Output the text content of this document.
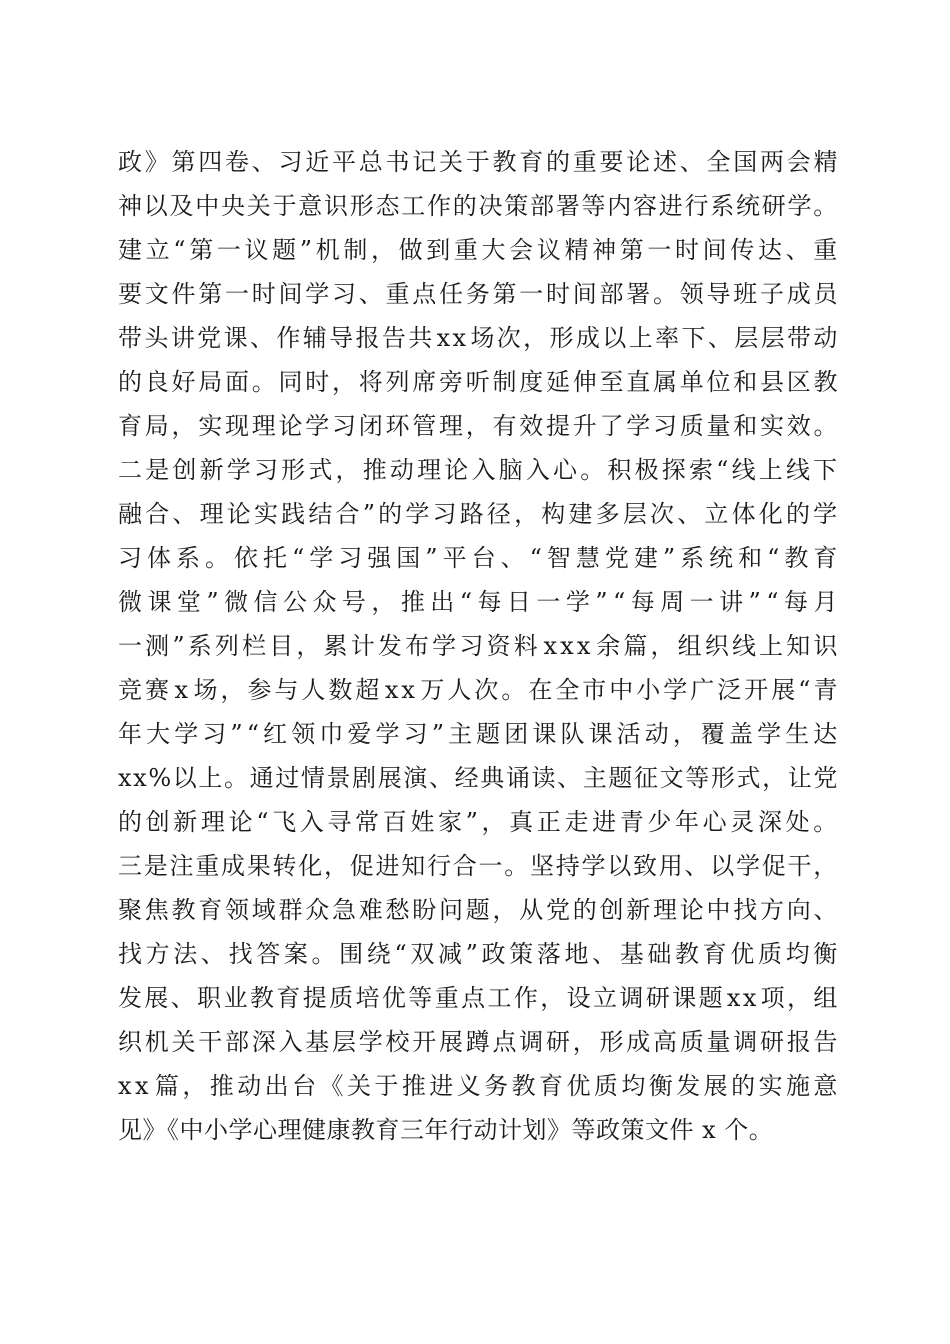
政 》 第 四 卷 、 习 近 平 总 书 记 关 于 教 育 的 重 要 论 述 、 全 国 两 会 精
神 以 及 中 央 关 于 意 识 形 态 工 作 的 决 策 部 署 等 内 容 进 行 系 统 研 学 。
建 立 “ 第 一 议 题 ” 机 制 ， 做 到 重 大 会 议 精 神 第 一 时 间 传 达 、 重
要 文 件 第 一 时 间 学 习 、 重 点 任 务 第 一 时 间 部 署 。 领 导 班 子 成 员
带 头 讲 党 课 、 作 辅 导 报 告 共 x x 场 次 ， 形 成 以 上 率 下 、 层 层 带 动
的 良 好 局 面 。 同 时 ， 将 列 席 旁 听 制 度 延 伸 至 直 属 单 位 和 县 区 教
育 局 ， 实 现 理 论 学 习 闭 环 管 理 ， 有 效 提 升 了 学 习 质 量 和 实 效 。
二 是 创 新 学 习 形 式 ， 推 动 理 论 入 脑 入 心 。 积 极 探 索 “ 线 上 线 下
融 合 、 理 论 实 践 结 合 ” 的 学 习 路 径 ， 构 建 多 层 次 、 立 体 化 的 学
习 体 系 。 依 托 “ 学 习 强 国 ” 平 台 、 “ 智 慧 党 建 ” 系 统 和 “ 教 育
微 课 堂 ” 微 信 公 众 号 ， 推 出 “ 每 日 一 学 ” “ 每 周 一 讲 ” “ 每 月
一 测 ” 系 列 栏 目 ， 累 计 发 布 学 习 资 料 x x x 余 篇 ， 组 织 线 上 知 识
竞 赛 x 场 ， 参 与 人 数 超 x x 万 人 次 。 在 全 市 中 小 学 广 泛 开 展 “ 青
年 大 学 习 ” “ 红 领 巾 爱 学 习 ” 主 题 团 课 队 课 活 动 ， 覆 盖 学 生 达
x x % 以 上 。 通 过 情 景 剧 展 演 、 经 典 诵 读 、 主 题 征 文 等 形 式 ， 让 党
的 创 新 理 论 “ 飞 入 寻 常 百 姓 家 ” ， 真 正 走 进 青 少 年 心 灵 深 处 。
三 是 注 重 成 果 转 化 ， 促 进 知 行 合 一 。 坚 持 学 以 致 用 、 以 学 促 干 ，
聚 焦 教 育 领 域 群 众 急 难 愁 盼 问 题 ， 从 党 的 创 新 理 论 中 找 方 向 、
找 方 法 、 找 答 案 。 围 绕 “ 双 减 ” 政 策 落 地 、 基 础 教 育 优 质 均 衡
发 展 、 职 业 教 育 提 质 培 优 等 重 点 工 作 ， 设 立 调 研 课 题 x x 项 ， 组
织 机 关 干 部 深 入 基 层 学 校 开 展 蹲 点 调 研 ， 形 成 高 质 量 调 研 报 告
x x 篇 ， 推 动 出 台 《 关 于 推 进 义 务 教 育 优 质 均 衡 发 展 的 实 施 意
见》《中小学心理健康教育三年行动计划》等政策文件 x 个。
